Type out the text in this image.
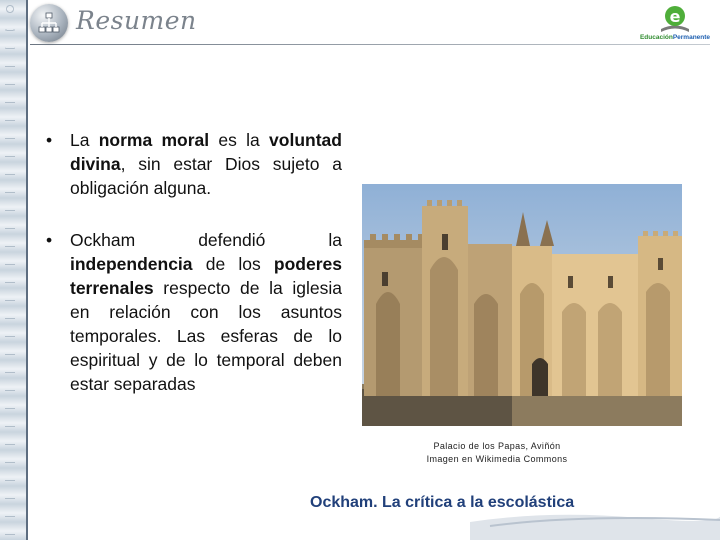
Resumen	e
EducaciónPermanente
• La norma moral es la voluntad divina, sin estar Dios sujeto a obligación alguna.
• Ockham defendió la independencia de los poderes terrenales respecto de la iglesia en relación con los asuntos temporales. Las esferas de lo espiritual y de lo temporal deben estar separadas
Palacio de los Papas, Aviñón
Imagen en Wikimedia Commons
Ockham. La crítica a la escolástica
